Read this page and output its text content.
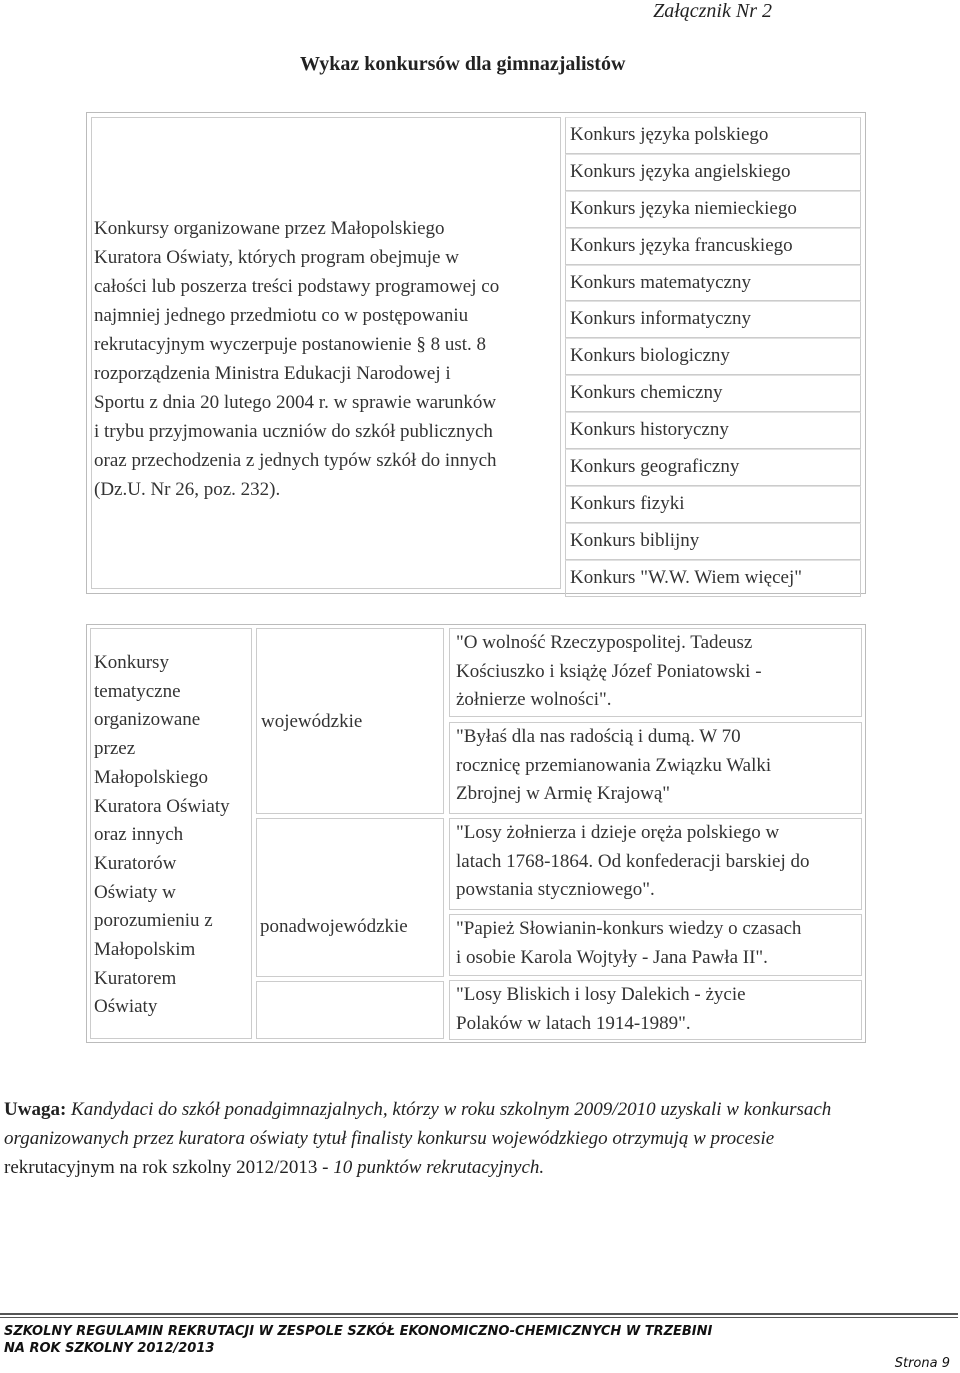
Załącznik Nr 2
Wykaz konkursów dla gimnazjalistów
Konkursy organizowane przez Małopolskiego
Kuratora Oświaty, których program obejmuje w
całości lub poszerza treści podstawy programowej co
najmniej jednego przedmiotu co w postępowaniu
rekrutacyjnym wyczerpuje postanowienie § 8 ust. 8
rozporządzenia Ministra Edukacji Narodowej i
Sportu z dnia 20 lutego 2004 r. w sprawie warunków
i trybu przyjmowania uczniów do szkół publicznych
oraz przechodzenia z jednych typów szkół do innych
(Dz.U. Nr 26, poz. 232).
Konkurs języka polskiego
Konkurs języka angielskiego
Konkurs języka niemieckiego
Konkurs języka francuskiego
Konkurs matematyczny
Konkurs informatyczny
Konkurs biologiczny
Konkurs chemiczny
Konkurs historyczny
Konkurs geograficzny
Konkurs fizyki
Konkurs biblijny
Konkurs "W.W. Wiem więcej"
Konkursy
tematyczne
organizowane
przez
Małopolskiego
Kuratora Oświaty
oraz innych
Kuratorów
Oświaty w
porozumieniu z
Małopolskim
Kuratorem
Oświaty
wojewódzkie
ponadwojewódzkie
"O wolność Rzeczypospolitej. Tadeusz
Kościuszko i książę Józef Poniatowski -
żołnierze wolności".
"Byłaś dla nas radością i dumą. W 70
rocznicę przemianowania Związku Walki
Zbrojnej w Armię Krajową"
"Losy żołnierza i dzieje oręża polskiego w
latach 1768-1864. Od konfederacji barskiej do
powstania styczniowego".
"Papież Słowianin-konkurs wiedzy o czasach
i osobie Karola Wojtyły - Jana Pawła II".
"Losy Bliskich i losy Dalekich - życie
Polaków w latach 1914-1989".
Uwaga: Kandydaci do szkół ponadgimnazjalnych, którzy w roku szkolnym 2009/2010 uzyskali w konkursach
organizowanych przez kuratora oświaty tytuł finalisty konkursu wojewódzkiego otrzymują w procesie
rekrutacyjnym na rok szkolny 2012/2013 - 10 punktów rekrutacyjnych.
SZKOLNY REGULAMIN REKRUTACJI W ZESPOLE SZKÓŁ EKONOMICZNO-CHEMICZNYCH W TRZEBINI
NA ROK SZKOLNY 2012/2013
Strona 9
